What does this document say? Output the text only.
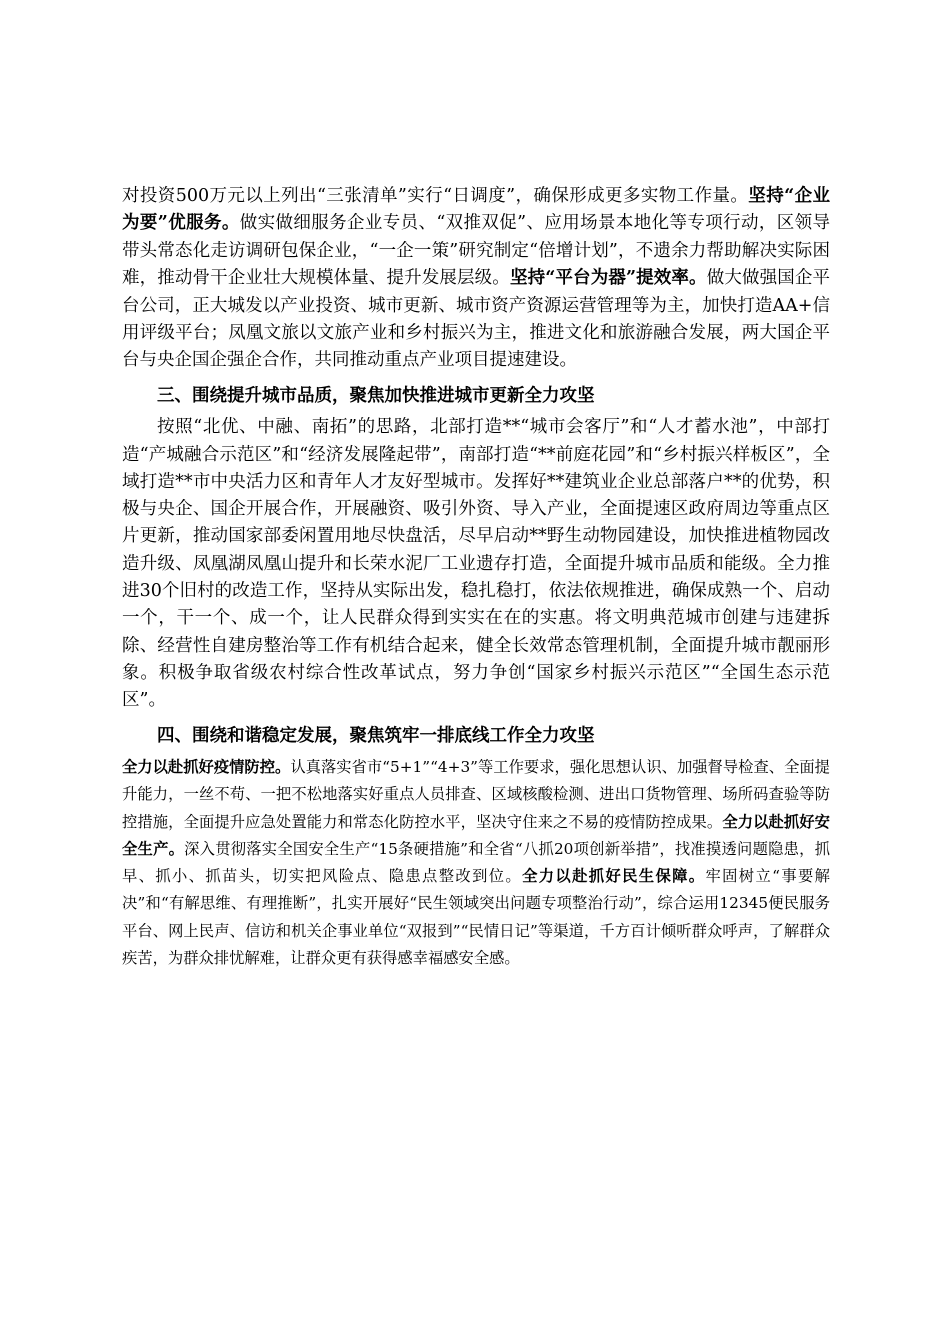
对投资500万元以上列出“三张清单”实行“日调度”，确保形成更多实物工作量。坚持“企业为要”优服务。做实做细服务企业专员、“双推双促”、应用场景本地化等专项行动，区领导带头常态化走访调研包保企业，“一企一策”研究制定“倍增计划”，不遗余力帮助解决实际困难，推动骨干企业壮大规模体量、提升发展层级。坚持“平台为器”提效率。做大做强国企平台公司，正大城发以产业投资、城市更新、城市资产资源运营管理等为主，加快打造AA+信用评级平台；凤凰文旅以文旅产业和乡村振兴为主，推进文化和旅游融合发展，两大国企平台与央企国企强企合作，共同推动重点产业项目提速建设。

三、围绕提升城市品质，聚焦加快推进城市更新全力攻坚

按照“北优、中融、南拓”的思路，北部打造**“城市会客厅”和“人才蓄水池”，中部打造“产城融合示范区”和“经济发展隆起带”，南部打造“**前庭花园”和“乡村振兴样板区”，全域打造**市中央活力区和青年人才友好型城市。发挥好**建筑业企业总部落户**的优势，积极与央企、国企开展合作，开展融资、吸引外资、导入产业，全面提速区政府周边等重点区片更新，推动国家部委闲置用地尽快盘活，尽早启动**野生动物园建设，加快推进植物园改造升级、凤凰湖凤凰山提升和长荣水泥厂工业遗存打造，全面提升城市品质和能级。全力推进30个旧村的改造工作，坚持从实际出发，稳扎稳打，依法依规推进，确保成熟一个、启动一个，干一个、成一个，让人民群众得到实实在在的实惠。将文明典范城市创建与违建拆除、经营性自建房整治等工作有机结合起来，健全长效常态管理机制，全面提升城市靓丽形象。积极争取省级农村综合性改革试点，努力争创“国家乡村振兴示范区”“全国生态示范区”。

四、围绕和谐稳定发展，聚焦筑牢一排底线工作全力攻坚

全力以赴抓好疫情防控。认真落实省市“5+1”“4+3”等工作要求，强化思想认识、加强督导检查、全面提升能力，一丝不苟、一把不松地落实好重点人员排查、区域核酸检测、进出口货物管理、场所码查验等防控措施，全面提升应急处置能力和常态化防控水平，坚决守住来之不易的疫情防控成果。全力以赴抓好安全生产。深入贯彻落实全国安全生产“15条硬措施”和全省“八抓20项创新举措”，找准摸透问题隐患，抓早、抓小、抓苗头，切实把风险点、隐患点整改到位。全力以赴抓好民生保障。牢固树立“事要解决”和“有解思维、有理推断”，扎实开展好“民生领域突出问题专项整治行动”，综合运用12345便民服务平台、网上民声、信访和机关企事业单位“双报到”“民情日记”等渠道，千方百计倾听群众呼声，了解群众疾苦，为群众排忧解难，让群众更有获得感幸福感安全感。
